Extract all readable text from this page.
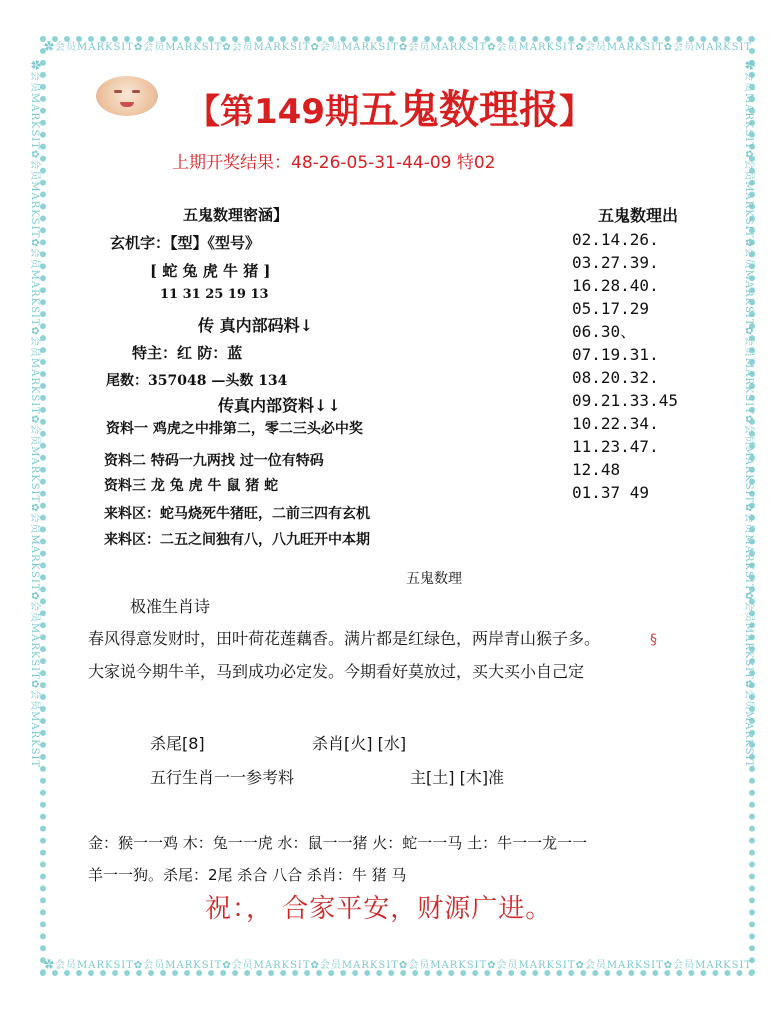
✿会员MARKSIT✿会员MARKSIT✿会员MARKSIT✿会员MARKSIT✿会员MARKSIT✿会员MARKSIT✿会员MARKSIT✿会员MARKSIT
✿会员MARKSIT✿会员MARKSIT✿会员MARKSIT✿会员MARKSIT✿会员MARKSIT✿会员MARKSIT✿会员MARKSIT✿会员MARKSIT
✿会员MARKSIT✿会员MARKSIT✿会员MARKSIT✿会员MARKSIT✿会员MARKSIT✿会员MARKSIT✿会员MARKSIT✿会员MARKSIT	✿会员MARKSIT✿会员MARKSIT✿会员MARKSIT✿会员MARKSIT✿会员MARKSIT✿会员MARKSIT✿会员MARKSIT✿会员MARKSIT
【第149期五鬼数理报】
上期开奖结果：48-26-05-31-44-09 特02
五鬼数理密涵】
玄机字：【型】《型号》
[ 蛇 兔 虎 牛 猪 ]
11 31 25 19 13
传 真内部码料↓
特主：红 防：蓝
尾数：357048 —头数 134
传真内部资料↓↓
资料一 鸡虎之中排第二，零二三头必中奖
资料二 特码一九两找 过一位有特码
资料三 龙 兔 虎 牛 鼠 猪 蛇
来料区：蛇马烧死牛猪旺，二前三四有玄机
来料区：二五之间独有八，八九旺开中本期
五鬼数理出
02.14.26.
03.27.39.
16.28.40.
05.17.29
06.30、
07.19.31.
08.20.32.
09.21.33.45
10.22.34.
11.23.47.
12.48
01.37 49
五鬼数理
极准生肖诗
春风得意发财时，田叶荷花莲藕香。满片都是红绿色，两岸青山猴子多。
大家说今期牛羊，马到成功必定发。今期看好莫放过，买大买小自己定
§
杀尾[8]	杀肖[火] [水]
五行生肖一一参考料	主[土] [木]准
金：猴一一鸡 木：兔一一虎 水：鼠一一猪 火：蛇一一马 土：牛一一龙一一
羊一一狗。杀尾：2尾 杀合 八合 杀肖：牛 猪 马
祝：， 合家平安，财源广进。
